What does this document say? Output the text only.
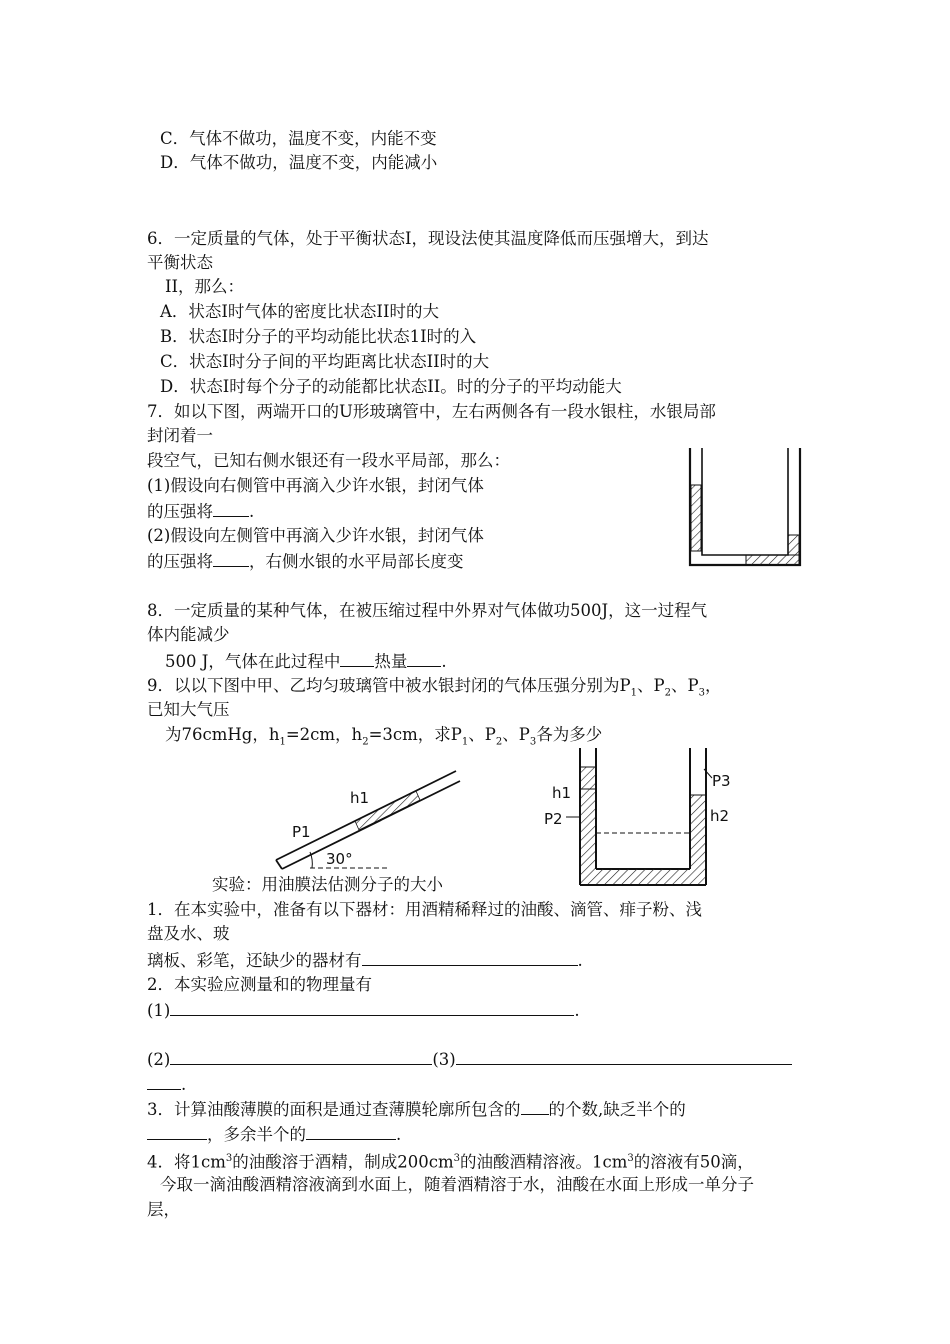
C．气体不做功，温度不变，内能不变
D．气体不做功，温度不变，内能减小
6．一定质量的气体，处于平衡状态I，现设法使其温度降低而压强增大，到达
平衡状态
II，那么：
A．状态I时气体的密度比状态II时的大
B．状态I时分子的平均动能比状态1I时的入
C．状态I时分子间的平均距离比状态II时的大
D．状态I时每个分子的动能都比状态II。时的分子的平均动能大
7．如以下图，两端开口的U形玻璃管中，左右两侧各有一段水银柱，水银局部
封闭着一
段空气，已知右侧水银还有一段水平局部，那么：
(1)假设向右侧管中再滴入少许水银，封闭气体
的压强将 .
(2)假设向左侧管中再滴入少许水银，封闭气体
的压强将 ，右侧水银的水平局部长度变
8．一定质量的某种气体，在被压缩过程中外界对气体做功500J，这一过程气
体内能减少
500 J，气体在此过程中 热量 .
9．以以下图中甲、乙均匀玻璃管中被水银封闭的气体压强分别为$P_1$、$P_2$、$P_3$，
已知大气压
为76cmHg，$h_1=2cm$，$h_2=3cm$，求$P_1$、$P_2$、$P_3$各为多少
h1
P1
30°
h1
P2
P3
h2
实验：用油膜法估测分子的大小
1．在本实验中，准备有以下器材：用酒精稀释过的油酸、滴管、痱子粉、浅
盘及水、玻
璃板、彩笔，还缺少的器材有	.
2．本实验应测量和的物理量有
(1)	.
(2)	(3)
.
3．计算油酸薄膜的面积是通过查薄膜轮廓所包含的 的个数,缺乏半个的
，多余半个的	.
4．将$1cm^3$的油酸溶于酒精，制成$200cm^3$的油酸酒精溶液。$1cm^3$的溶液有50滴，
今取一滴油酸酒精溶液滴到水面上，随着酒精溶于水，油酸在水面上形成一单分子
层，
